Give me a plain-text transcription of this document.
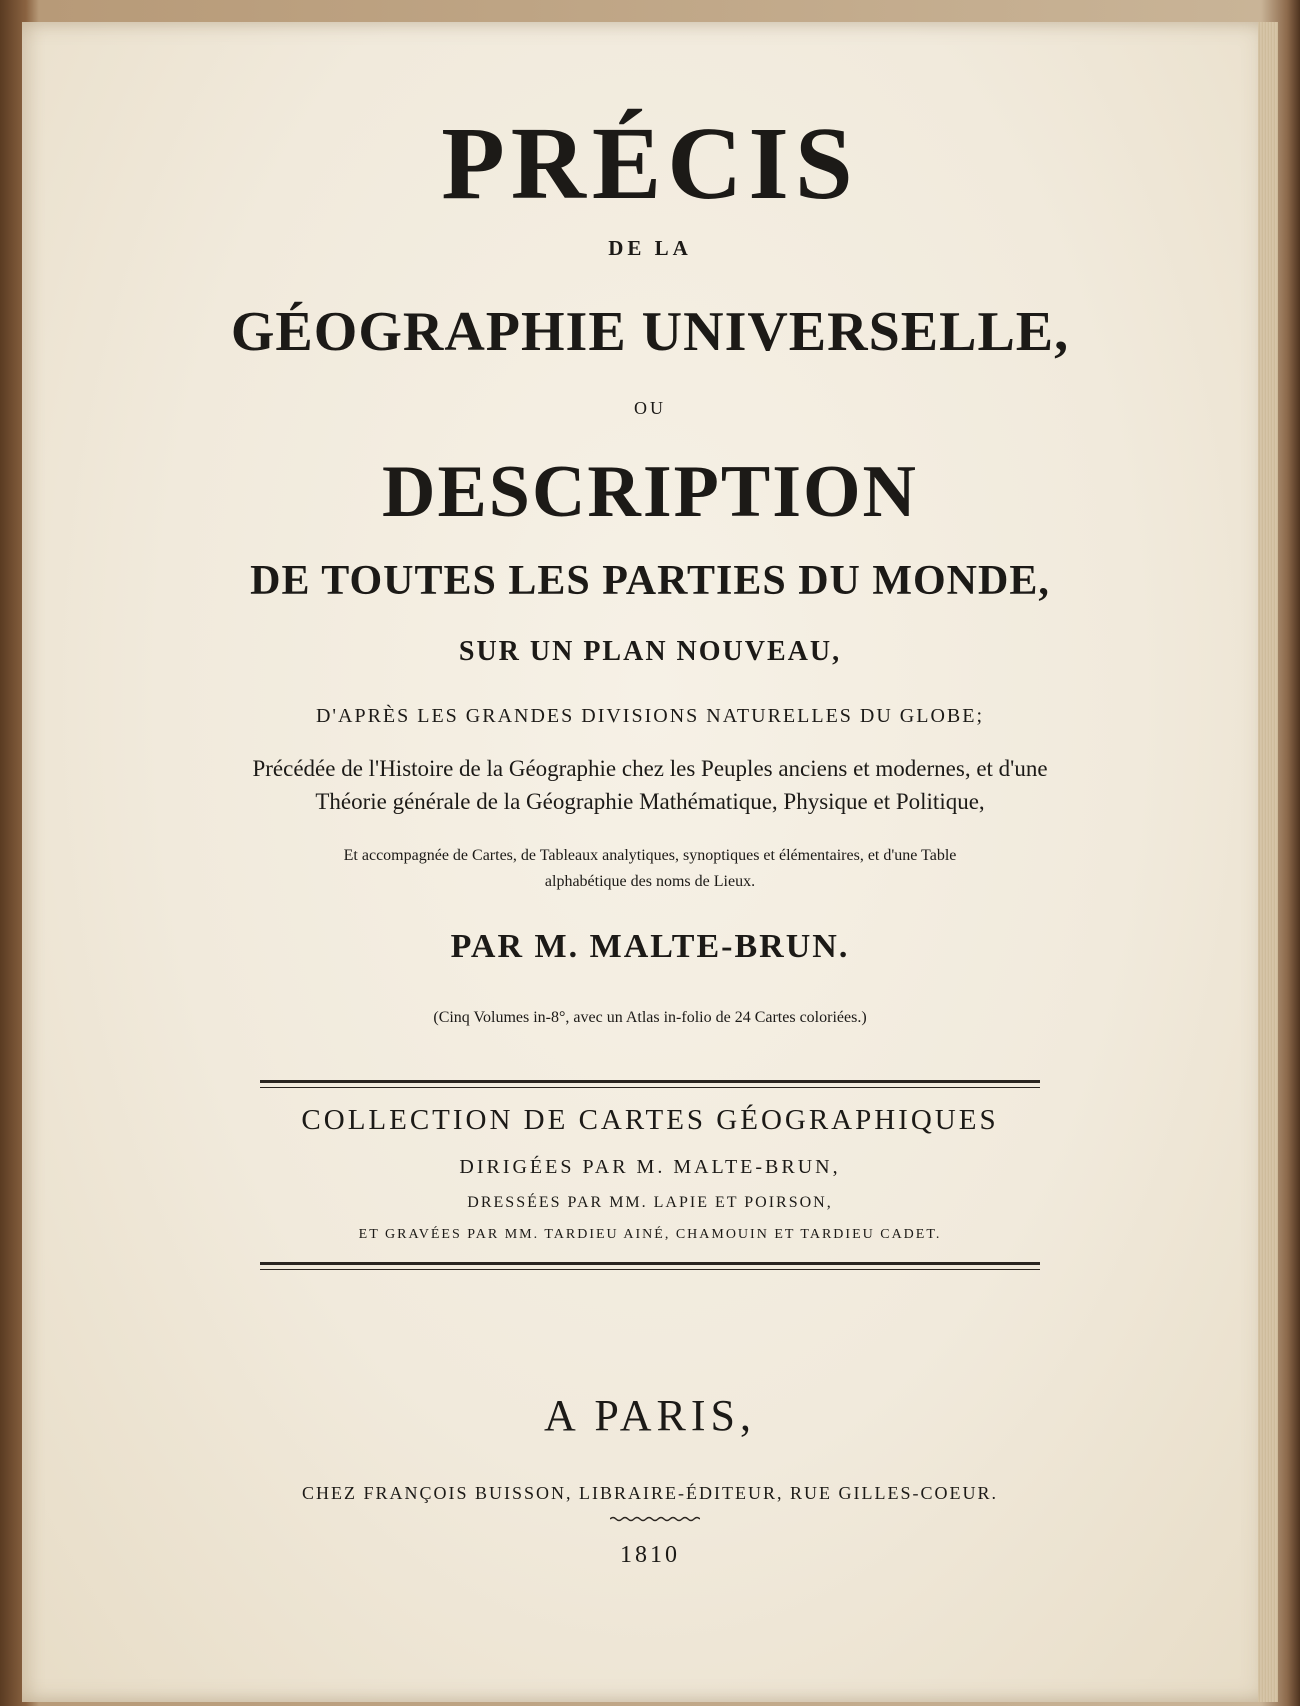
PRÉCIS
DE LA
GÉOGRAPHIE UNIVERSELLE,
OU
DESCRIPTION
DE TOUTES LES PARTIES DU MONDE,
SUR UN PLAN NOUVEAU,
D'APRÈS LES GRANDES DIVISIONS NATURELLES DU GLOBE;
Précédée de l'Histoire de la Géographie chez les Peuples anciens et modernes, et d'une
Théorie générale de la Géographie Mathématique, Physique et Politique,
Et accompagnée de Cartes, de Tableaux analytiques, synoptiques et élémentaires, et d'une Table
alphabétique des noms de Lieux.
PAR M. MALTE-BRUN.
(Cinq Volumes in-8°, avec un Atlas in-folio de 24 Cartes coloriées.)
COLLECTION DE CARTES GÉOGRAPHIQUES
DIRIGÉES PAR M. MALTE-BRUN,
DRESSÉES PAR MM. LAPIE ET POIRSON,
ET GRAVÉES PAR MM. TARDIEU AINÉ, CHAMOUIN ET TARDIEU CADET.
A PARIS,
CHEZ FRANÇOIS BUISSON, LIBRAIRE-ÉDITEUR, RUE GILLES-COEUR.
1810
